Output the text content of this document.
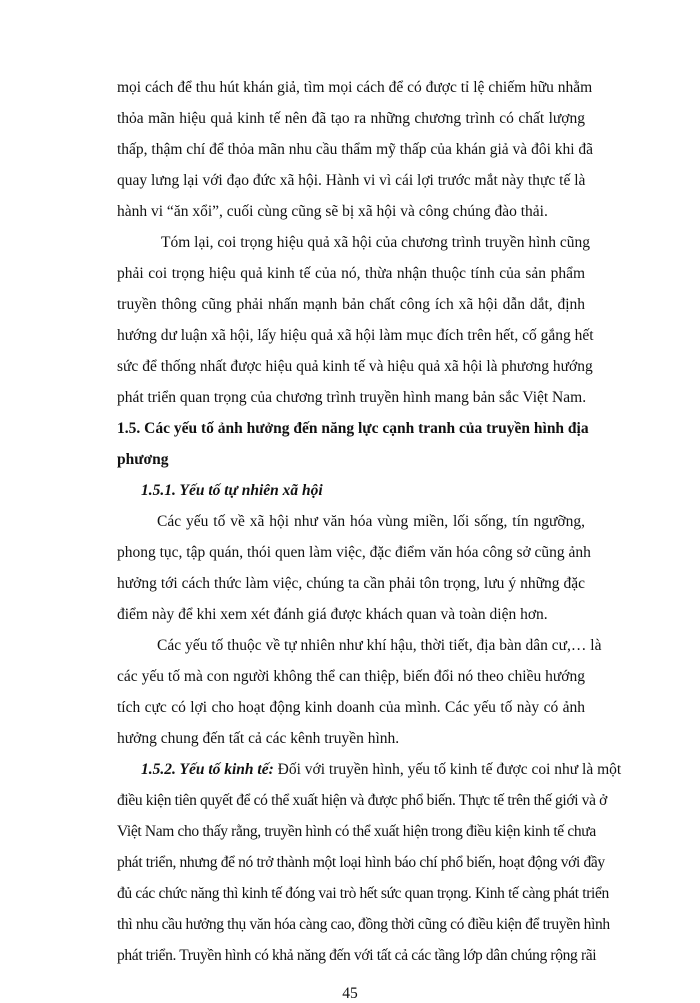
mọi cách để thu hút khán giả, tìm mọi cách để có được tỉ lệ chiếm hữu nhằm
thỏa mãn hiệu quả kinh tế nên đã tạo ra những chương trình có chất lượng
thấp, thậm chí để thỏa mãn nhu cầu thẩm mỹ thấp của khán giả và đôi khi đã
quay lưng lại với đạo đức xã hội. Hành vi vì cái lợi trước mắt này thực tế là
hành vi “ăn xổi”, cuối cùng cũng sẽ bị xã hội và công chúng đào thải.
Tóm lại, coi trọng hiệu quả xã hội của chương trình truyền hình cũng
phải coi trọng hiệu quả kinh tế của nó, thừa nhận thuộc tính của sản phẩm
truyền thông cũng phải nhấn mạnh bản chất công ích xã hội dẫn dắt, định
hướng dư luận xã hội, lấy hiệu quả xã hội làm mục đích trên hết, cố gắng hết
sức để thống nhất được hiệu quả kinh tế và hiệu quả xã hội là phương hướng
phát triển quan trọng của chương trình truyền hình mang bản sắc Việt Nam.
1.5. Các yếu tố ảnh hưởng đến năng lực cạnh tranh của truyền hình địa
phương
1.5.1. Yếu tố tự nhiên xã hội
Các yếu tố về xã hội như văn hóa vùng miền, lối sống, tín ngưỡng,
phong tục, tập quán, thói quen làm việc, đặc điểm văn hóa công sở cũng ảnh
hưởng tới cách thức làm việc, chúng ta cần phải tôn trọng, lưu ý những đặc
điểm này để khi xem xét đánh giá được khách quan và toàn diện hơn.
Các yếu tố thuộc về tự nhiên như khí hậu, thời tiết, địa bàn dân cư,… là
các yếu tố mà con người không thể can thiệp, biến đổi nó theo chiều hướng
tích cực có lợi cho hoạt động kinh doanh của mình. Các yếu tố này có ảnh
hưởng chung đến tất cả các kênh truyền hình.
1.5.2. Yếu tố kinh tế: Đối với truyền hình, yếu tố kinh tế được coi như là một
điều kiện tiên quyết để có thể xuất hiện và được phổ biến. Thực tế trên thế giới và ở
Việt Nam cho thấy rằng, truyền hình có thể xuất hiện trong điều kiện kinh tế chưa
phát triển, nhưng để nó trở thành một loại hình báo chí phổ biến, hoạt động với đầy
đủ các chức năng thì kinh tế đóng vai trò hết sức quan trọng. Kinh tế càng phát triển
thì nhu cầu hưởng thụ văn hóa càng cao, đồng thời cũng có điều kiện để truyền hình
phát triển. Truyền hình có khả năng đến với tất cả các tầng lớp dân chúng rộng rãi
45
